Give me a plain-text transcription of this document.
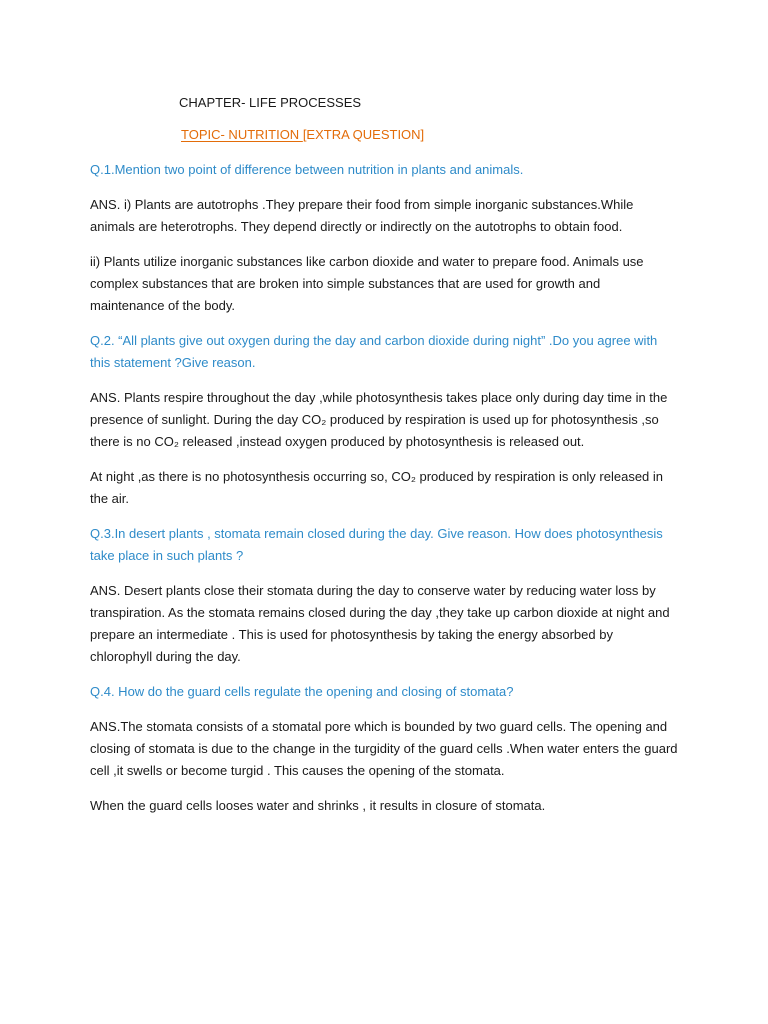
CHAPTER- LIFE PROCESSES
TOPIC- NUTRITION [EXTRA QUESTION]
Q.1.Mention two point of difference between nutrition in plants and animals.
ANS. i) Plants are autotrophs .They prepare their food from simple inorganic substances.While animals are heterotrophs. They depend directly or indirectly on the autotrophs to obtain food.
ii) Plants utilize inorganic substances like carbon dioxide and water to prepare food. Animals use complex substances that are broken into simple substances that are used for growth and maintenance of the body.
Q.2. “All plants give out oxygen during the day and carbon dioxide during night” .Do you agree with this statement ?Give reason.
ANS. Plants respire throughout the day ,while photosynthesis takes place only during day time in the presence of sunlight. During the day CO₂ produced by respiration is used up for photosynthesis ,so there is no CO₂ released ,instead oxygen produced by photosynthesis is released out.
At night ,as there is no photosynthesis occurring so, CO₂ produced by respiration is only released in the air.
Q.3.In desert plants , stomata remain closed during the day. Give reason. How does photosynthesis take place in such plants ?
ANS. Desert plants close their stomata during the day to conserve water by reducing water loss by transpiration. As the stomata remains closed during the day ,they take up carbon dioxide at night and prepare an intermediate . This is used for photosynthesis by taking the energy absorbed by chlorophyll during the day.
Q.4. How do the guard cells regulate the opening and closing of stomata?
ANS.The stomata consists of a stomatal pore which is bounded by two guard cells. The opening and closing of stomata is due to the change in the turgidity of the guard cells .When water enters the guard cell ,it swells or become turgid . This causes the opening of the stomata.
When the guard cells looses water and shrinks , it results in closure of stomata.
